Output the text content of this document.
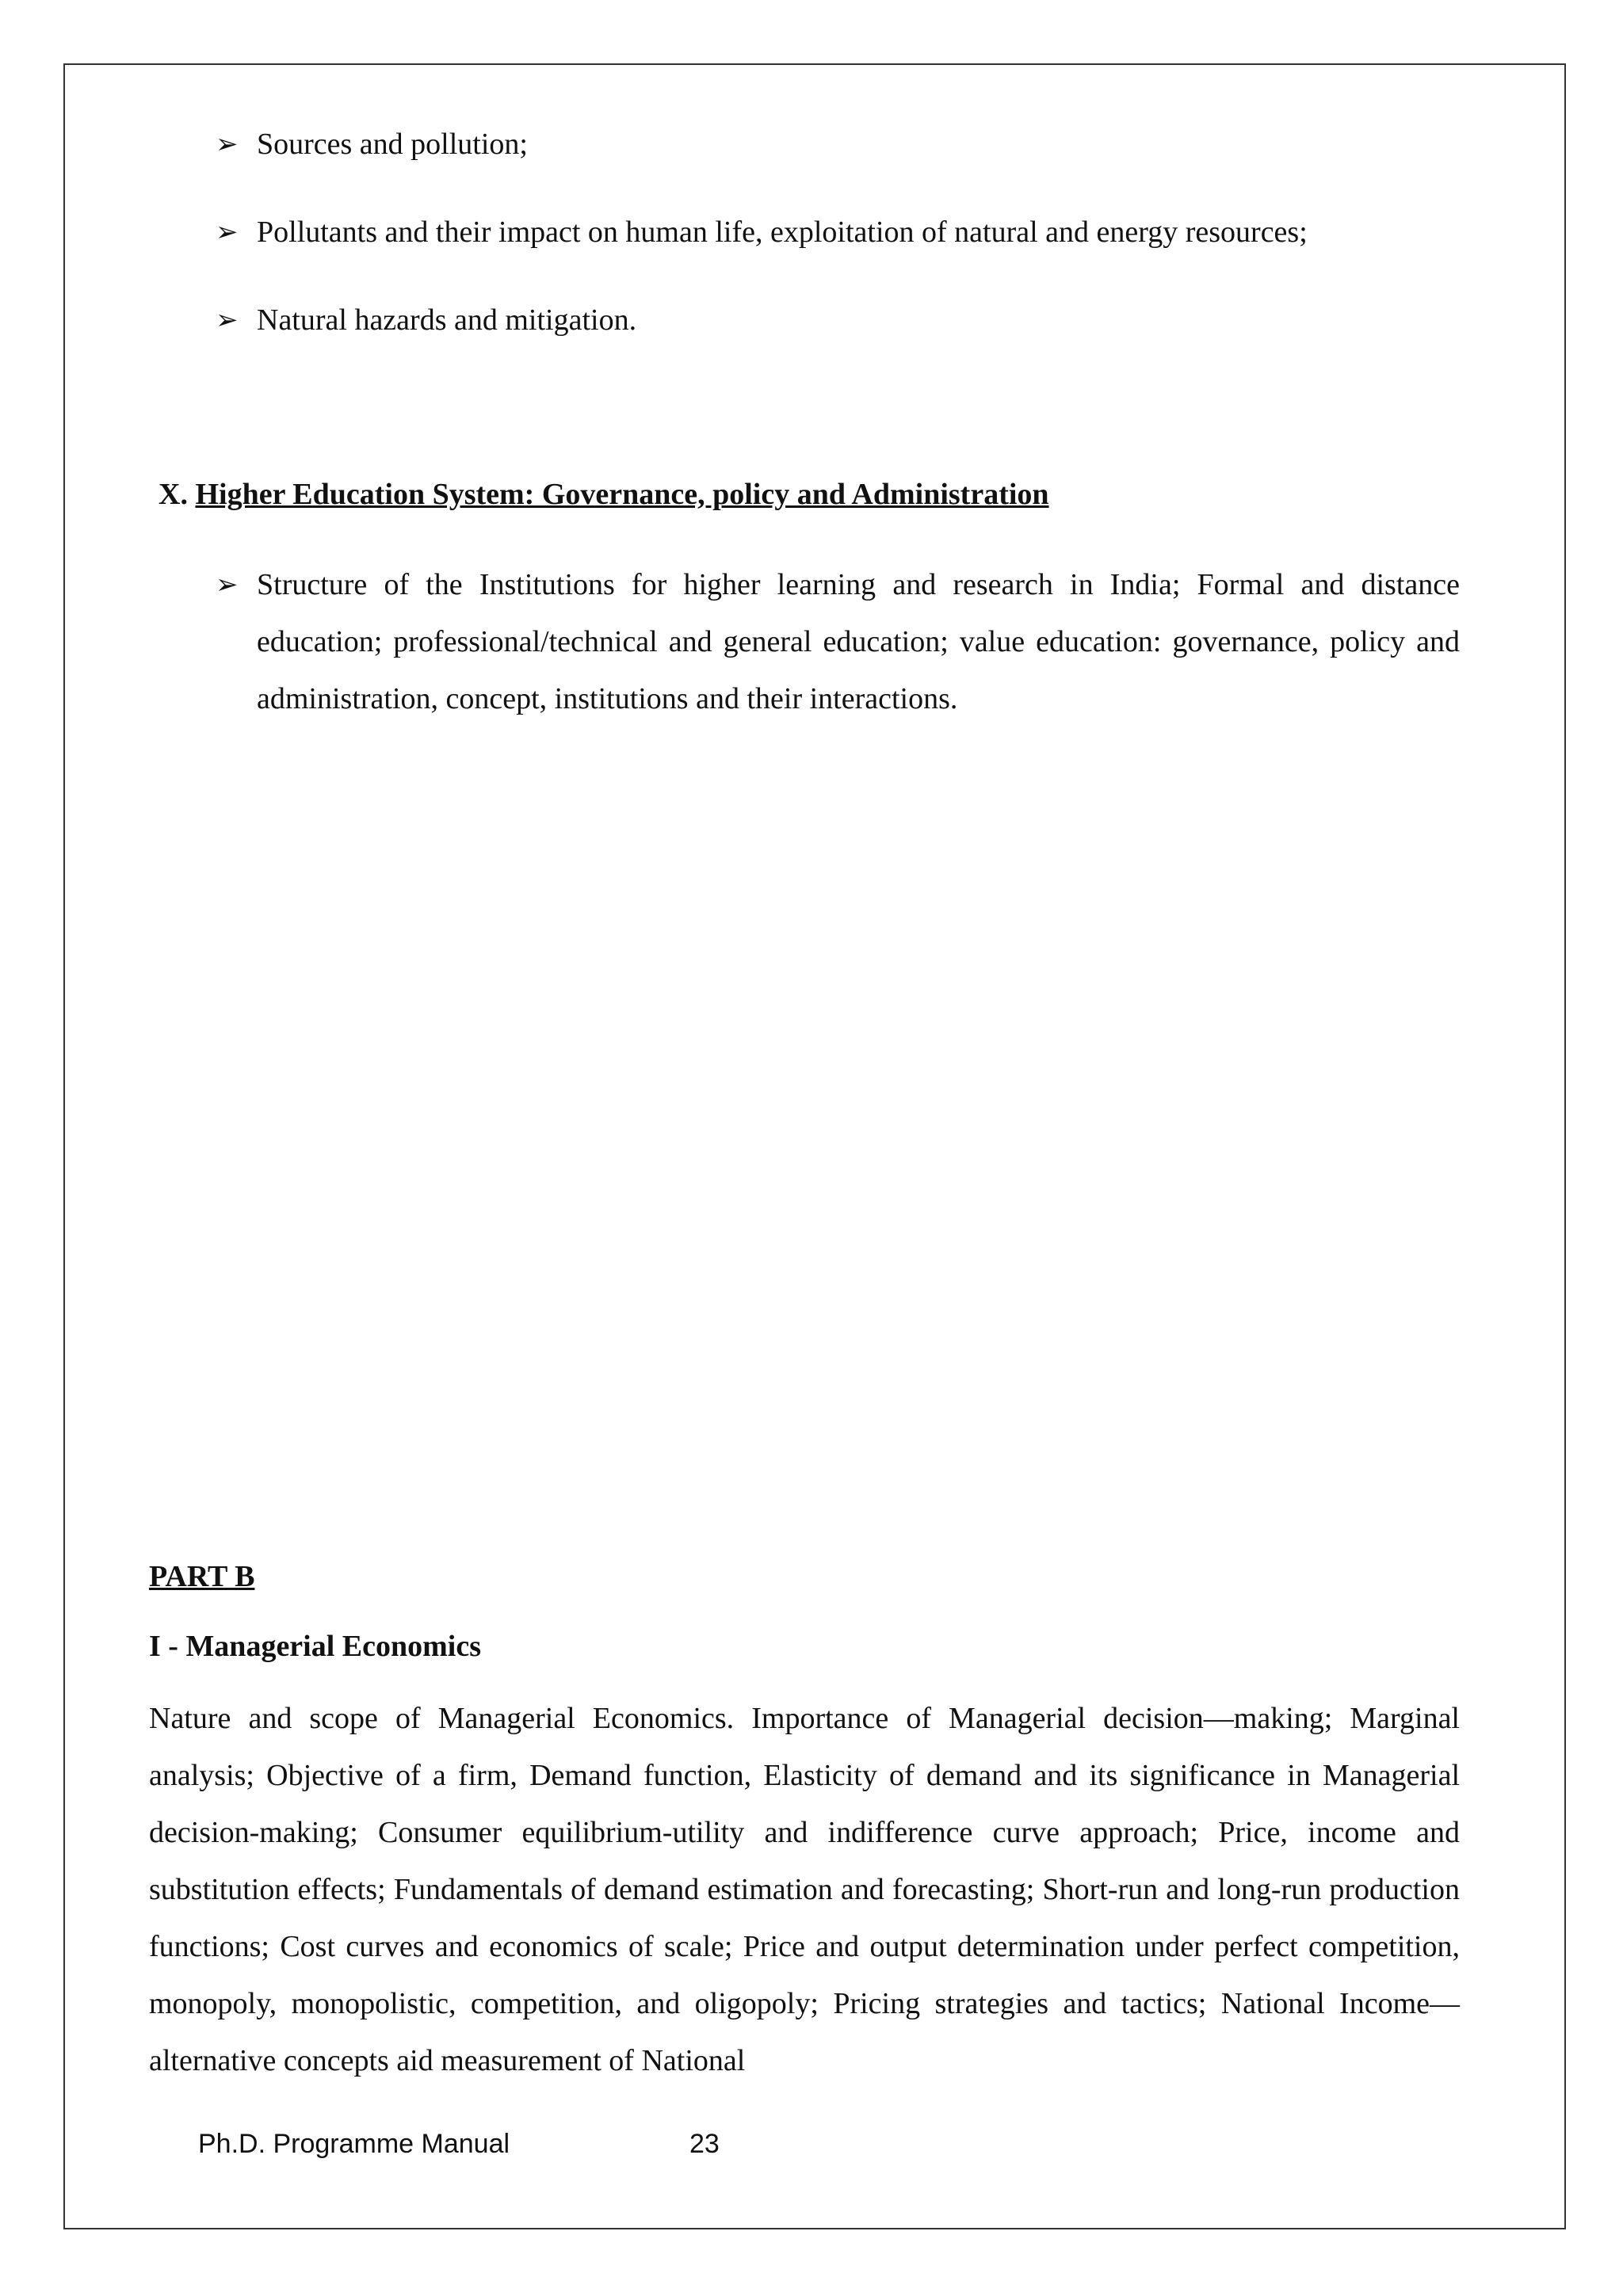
➢ Sources and pollution;
➢ Pollutants and their impact on human life, exploitation of natural and energy resources;
➢ Natural hazards and mitigation.
X. Higher Education System: Governance, policy and Administration
➢ Structure of the Institutions for higher learning and research in India; Formal and distance education; professional/technical and general education; value education: governance, policy and administration, concept, institutions and their interactions.
PART B
I - Managerial Economics
Nature and scope of Managerial Economics. Importance of Managerial decision—making; Marginal analysis; Objective of a firm, Demand function, Elasticity of demand and its significance in Managerial decision-making; Consumer equilibrium-utility and indifference curve approach; Price, income and substitution effects; Fundamentals of demand estimation and forecasting; Short-run and long-run production functions; Cost curves and economics of scale; Price and output determination under perfect competition, monopoly, monopolistic, competition, and oligopoly; Pricing strategies and tactics; National Income— alternative concepts aid measurement of National
Ph.D. Programme Manual	23
